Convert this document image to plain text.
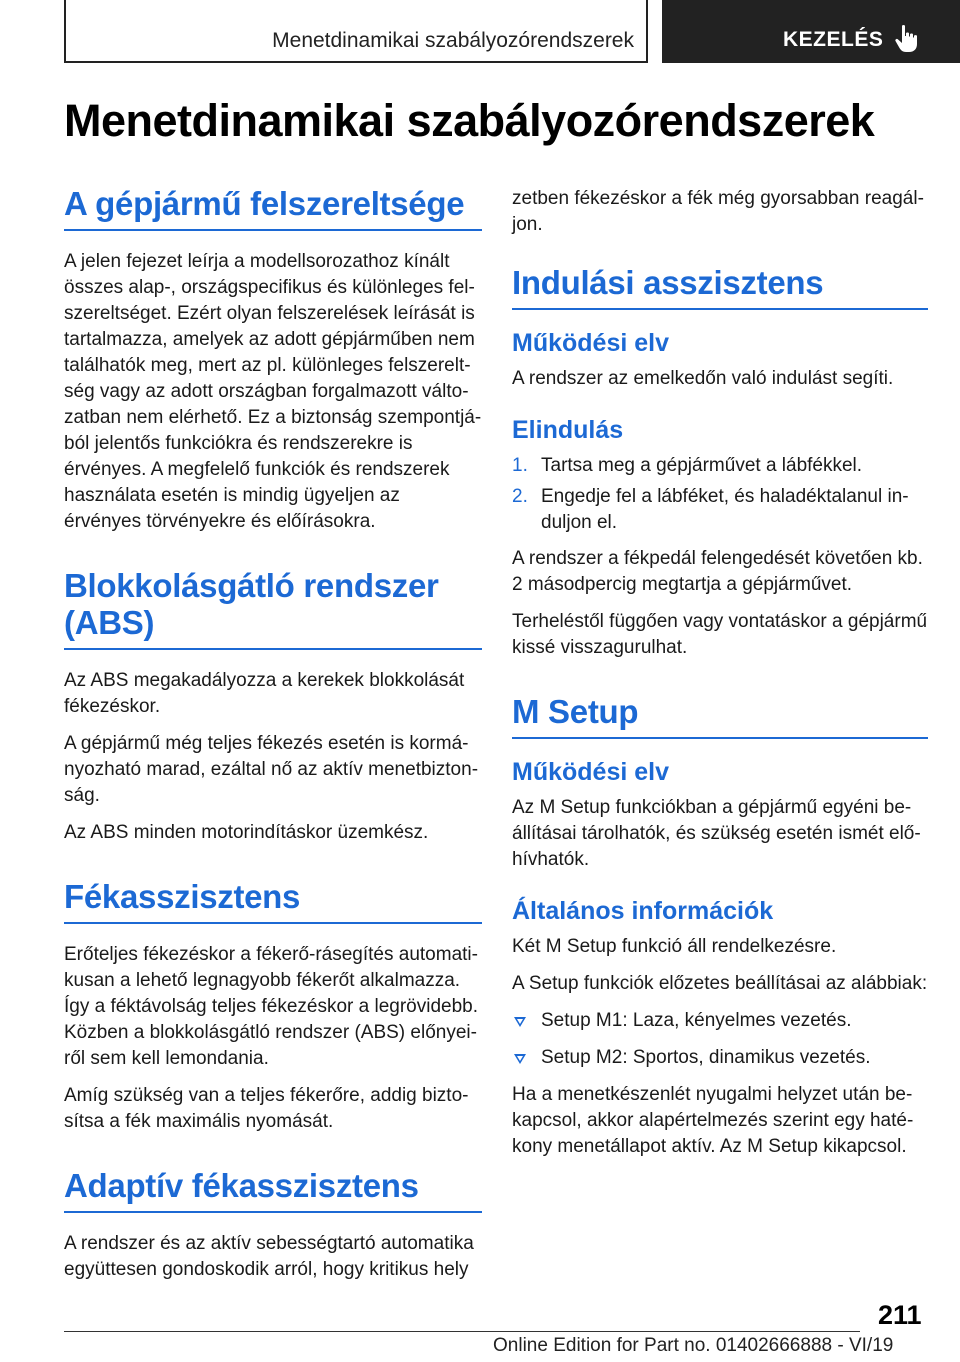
Menetdinamikai szabályozórendszerek	KEZELÉS
Menetdinamikai szabályozórendszerek
A gépjármű felszereltsége

A jelen fejezet leírja a modellsorozathoz kínált összes alap-, országspecifikus és különleges felszereltséget. Ezért olyan felszerelések leírását is tartalmazza, amelyek az adott gépjárműben nem találhatók meg, mert az pl. különleges felszereltség vagy az adott országban forgalmazott változatban nem elérhető. Ez a biztonság szempontjából jelentős funkciókra és rendszerekre is érvényes. A megfelelő funkciók és rendszerek használata esetén is mindig ügyeljen az érvényes törvényekre és előírásokra.

Blokkolásgátló rendszer (ABS)

Az ABS megakadályozza a kerekek blokkolását fékezéskor.

A gépjármű még teljes fékezés esetén is kormányozható marad, ezáltal nő az aktív menetbiztonság.

Az ABS minden motorindításkor üzemkész.

Fékasszisztens

Erőteljes fékezéskor a fékerő-rásegítés automatikusan a lehető legnagyobb fékerőt alkalmazza. Így a féktávolság teljes fékezéskor a legrövidebb. Közben a blokkolásgátló rendszer (ABS) előnyeiről sem kell lemondania.

Amíg szükség van a teljes fékerőre, addig biztosítsa a fék maximális nyomását.

Adaptív fékasszisztens

A rendszer és az aktív sebességtartó automatika együttesen gondoskodik arról, hogy kritikus hely

zetben fékezéskor a fék még gyorsabban reagáljon.

Indulási asszisztens
Működési elv

A rendszer az emelkedőn való indulást segíti.

Elindulás
1. Tartsa meg a gépjárművet a lábfékkel.
2. Engedje fel a lábféket, és haladéktalanul induljon el.

A rendszer a fékpedál felengedését követően kb. 2 másodpercig megtartja a gépjárművet.

Terheléstől függően vagy vontatáskor a gépjármű kissé visszagurulhat.

M Setup
Működési elv

Az M Setup funkciókban a gépjármű egyéni beállításai tárolhatók, és szükség esetén ismét előhívhatók.

Általános információk

Két M Setup funkció áll rendelkezésre.

A Setup funkciók előzetes beállításai az alábbiak:

Setup M1: Laza, kényelmes vezetés.
Setup M2: Sportos, dinamikus vezetés.

Ha a menetkészenlét nyugalmi helyzet után bekapcsol, akkor alapértelmezés szerint egy hatékony menetállapot aktív. Az M Setup kikapcsol.

211
Online Edition for Part no. 01402666888 - VI/19
